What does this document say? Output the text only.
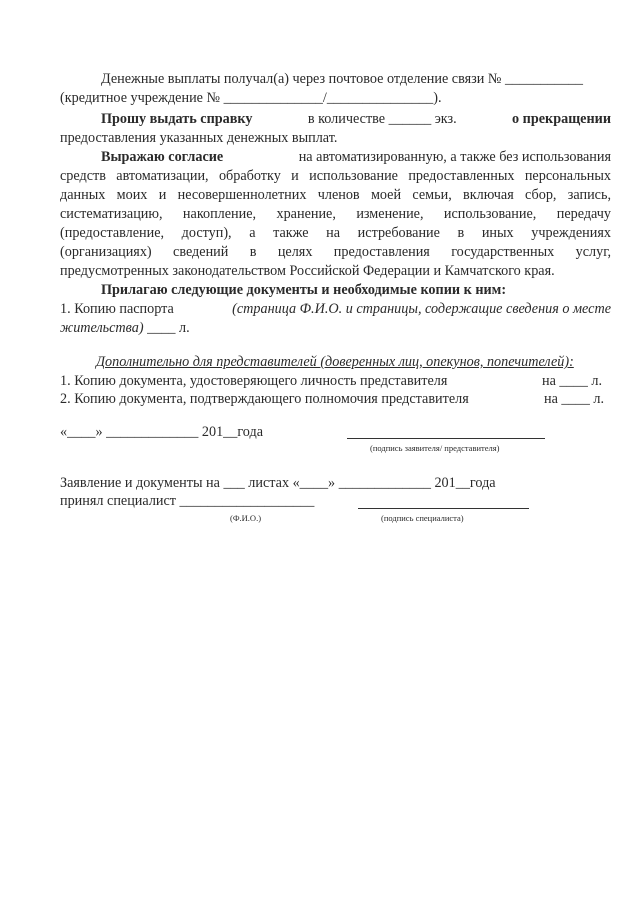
Денежные выплаты получал(а) через почтовое отделение связи № ___________
(кредитное учреждение № ______________/_______________).
Прошу выдать справку	в количестве ______ экз.	о прекращении
предоставления указанных денежных выплат.
Выражаю согласие	на автоматизированную, а также без использования
средств автоматизации, обработку и использование предоставленных персональных
данных моих и несовершеннолетних членов моей семьи, включая сбор, запись,
систематизацию, накопление, хранение, изменение, использование, передачу
(предоставление, доступ), а также на истребование в иных учреждениях
(организациях) сведений в целях предоставления государственных услуг,
предусмотренных законодательством Российской Федерации и Камчатского края.
Прилагаю следующие документы и необходимые копии к ним:
1. Копию паспорта	(страница Ф.И.О. и страницы, содержащие сведения о месте
жительства) ____ л.
Дополнительно для представителей (доверенных лиц, опекунов, попечителей):
1. Копию документа, удостоверяющего личность представителя	на ____ л.
2. Копию документа, подтверждающего полномочия представителя	на ____ л.
«____» _____________ 201__года
(подпись заявителя/ представителя)
Заявление и документы на ___ листах «____» _____________ 201__года
принял специалист ___________________
(Ф.И.О.)	(подпись специалиста)
